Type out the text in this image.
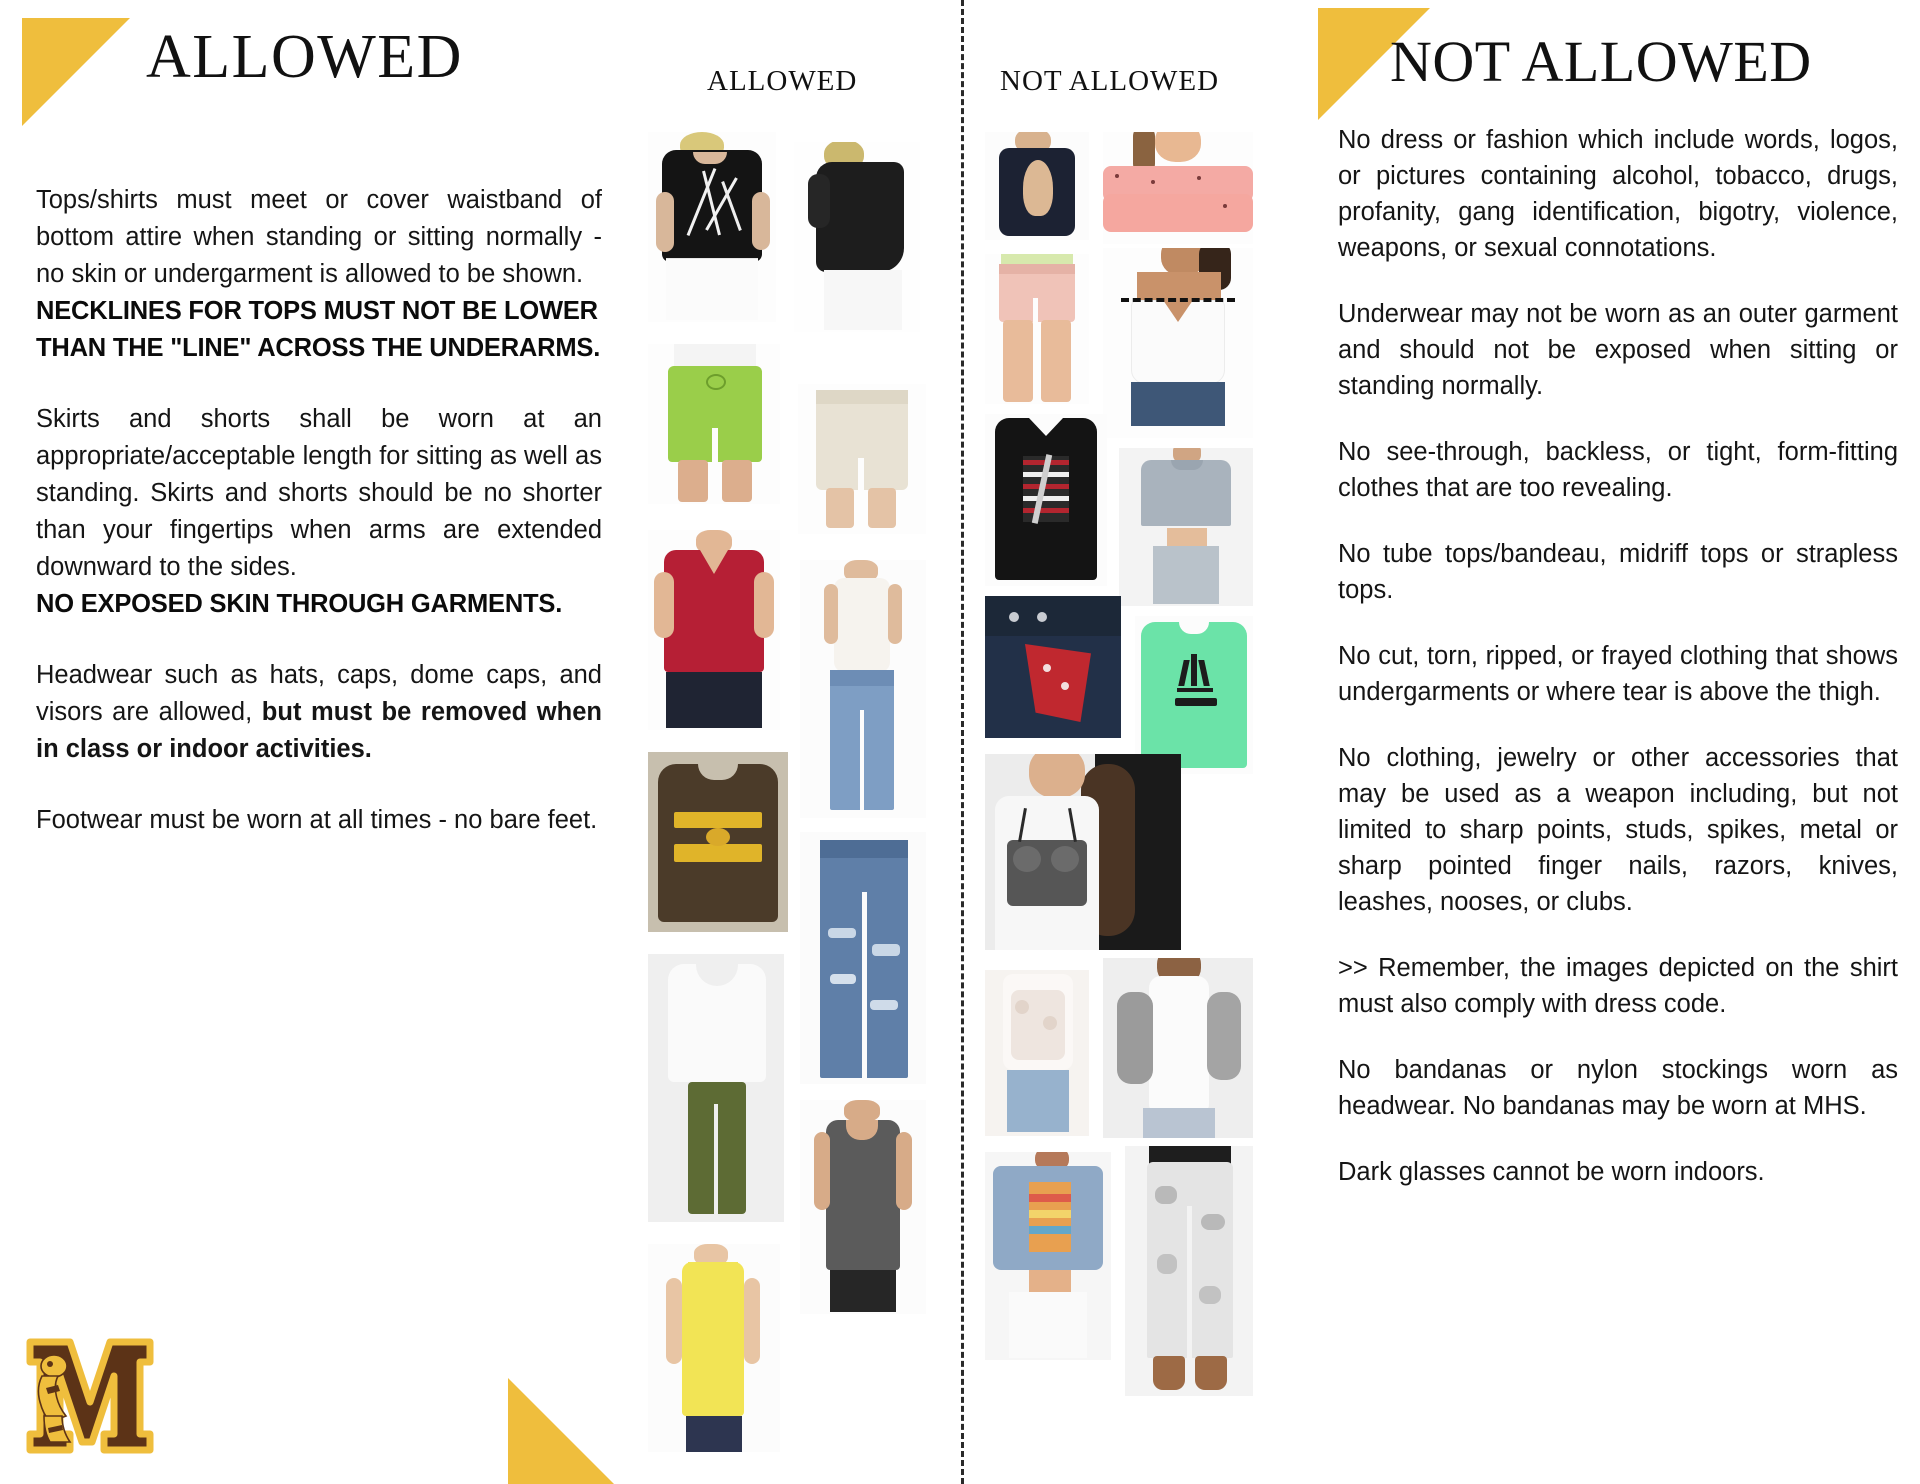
ALLOWED	NOT ALLOWED
ALLOWED	NOT ALLOWED
Tops/shirts must meet or cover waistband of bottom attire when standing or sitting normally - no skin or undergarment is allowed to be shown.
NECKLINES FOR TOPS MUST NOT BE LOWER THAN THE "LINE" ACROSS THE UNDERARMS.
Skirts and shorts shall be worn at an appropriate/acceptable length for sitting as well as standing. Skirts and shorts should be no shorter than your fingertips when arms are extended downward to the sides.
NO EXPOSED SKIN THROUGH GARMENTS.
Headwear such as hats, caps, dome caps, and visors are allowed, but must be removed when in class or indoor activities.
Footwear must be worn at all times - no bare feet.
No dress or fashion which include words, logos, or pictures containing alcohol, tobacco, drugs, profanity, gang identification, bigotry, violence, weapons, or sexual connotations.
Underwear may not be worn as an outer garment and should not be exposed when sitting or standing normally.
No see-through, backless, or tight, form-fitting clothes that are too revealing.
No tube tops/bandeau, midriff tops or strapless tops.
No cut, torn, ripped, or frayed clothing that shows undergarments or where tear is above the thigh.
No clothing, jewelry or other accessories that may be used as a weapon including, but not limited to sharp points, studs, spikes, metal or sharp pointed finger nails, razors, knives, leashes, nooses, or clubs.
>> Remember, the images depicted on the shirt must also comply with dress code.
No bandanas or nylon stockings worn as headwear. No bandanas may be worn at MHS.
Dark glasses cannot be worn indoors.
